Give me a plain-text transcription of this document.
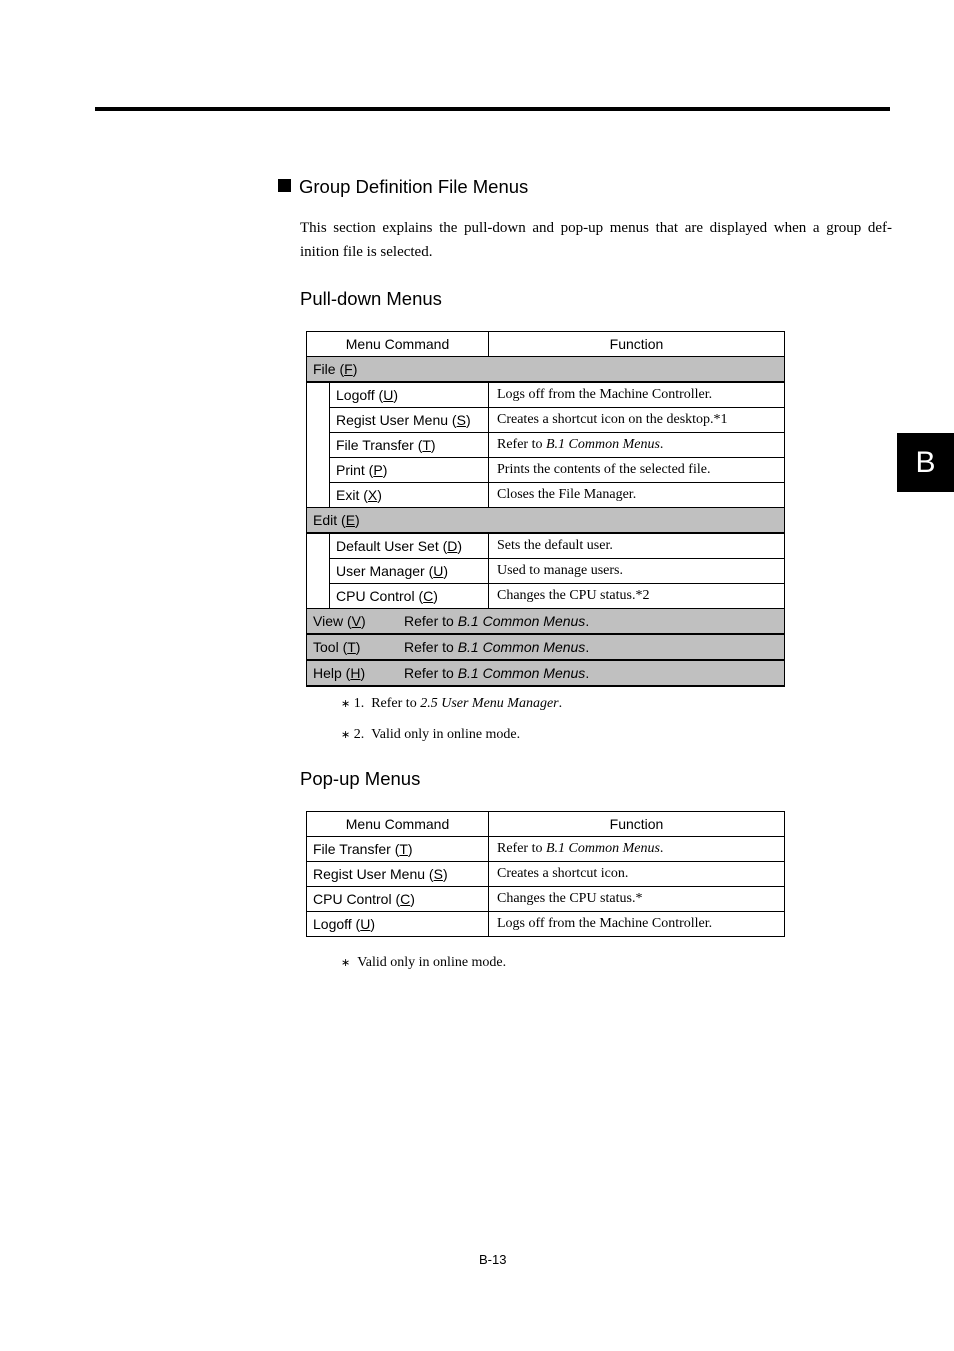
B
Group Definition File Menus
This section explains the pull-down and pop-up menus that are displayed when a group def-
inition file is selected.
Pull-down Menus
Menu Command		Function
File (F)		
	Logoff (U)	Logs off from the Machine Controller.
	Regist User Menu (S)	Creates a shortcut icon on the desktop.*1
	File Transfer (T)	Refer to B.1 Common Menus.
	Print (P)	Prints the contents of the selected file.
	Exit (X)	Closes the File Manager.
Edit (E)		
	Default User Set (D)	Sets the default user.
	User Manager (U)	Used to manage users.
	CPU Control (C)	Changes the CPU status.*2
View (V) Refer to B.1 Common Menus.		

Tool (T) Refer to B.1 Common Menus.		

Help (H) Refer to B.1 Common Menus.		
∗ 1. Refer to 2.5 User Menu Manager.
∗ 2. Valid only in online mode.
Pop-up Menus
Menu Command	Function
File Transfer (T)	Refer to B.1 Common Menus.
Regist User Menu (S)	Creates a shortcut icon.
CPU Control (C)	Changes the CPU status.*
Logoff (U)	Logs off from the Machine Controller.
∗ Valid only in online mode.
B-13
